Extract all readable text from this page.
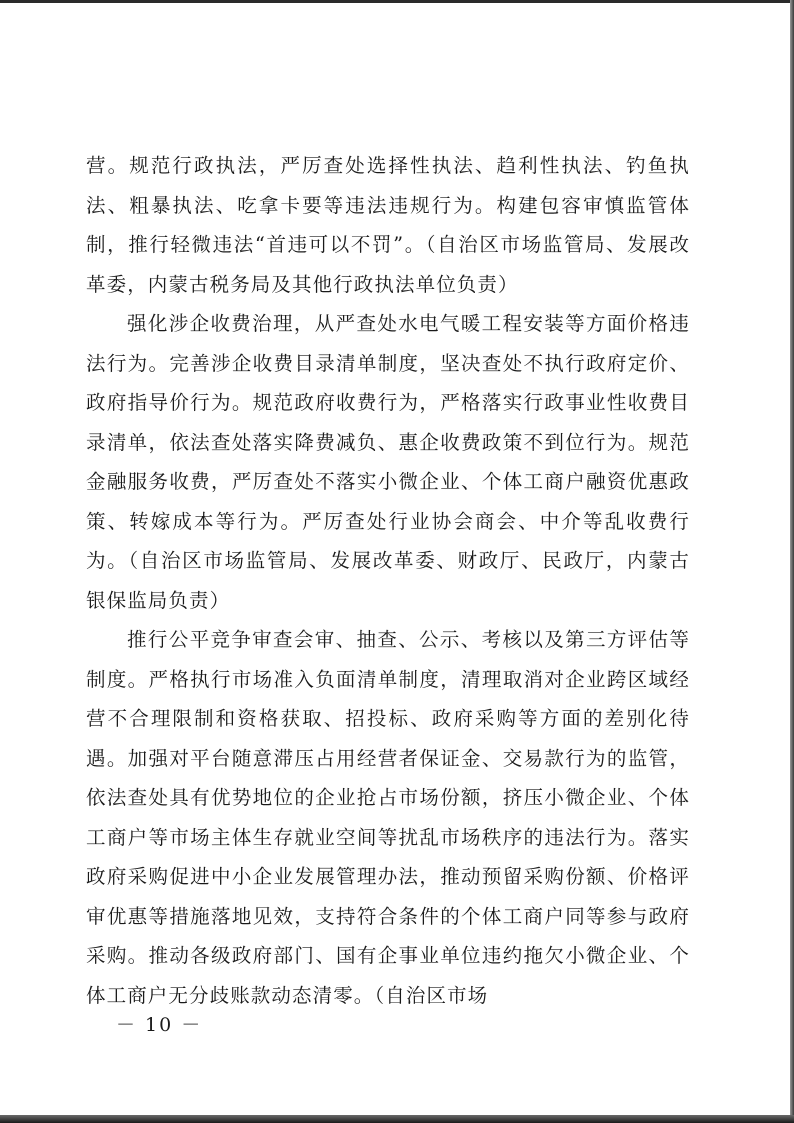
营。规范行政执法，严厉查处选择性执法、趋利性执法、钓鱼执法、粗暴执法、吃拿卡要等违法违规行为。构建包容审慎监管体制，推行轻微违法“首违可以不罚”。（自治区市场监管局、发展改革委，内蒙古税务局及其他行政执法单位负责）

强化涉企收费治理，从严查处水电气暖工程安装等方面价格违法行为。完善涉企收费目录清单制度，坚决查处不执行政府定价、政府指导价行为。规范政府收费行为，严格落实行政事业性收费目录清单，依法查处落实降费减负、惠企收费政策不到位行为。规范金融服务收费，严厉查处不落实小微企业、个体工商户融资优惠政策、转嫁成本等行为。严厉查处行业协会商会、中介等乱收费行为。（自治区市场监管局、发展改革委、财政厅、民政厅，内蒙古银保监局负责）

推行公平竞争审查会审、抽查、公示、考核以及第三方评估等制度。严格执行市场准入负面清单制度，清理取消对企业跨区域经营不合理限制和资格获取、招投标、政府采购等方面的差别化待遇。加强对平台随意滞压占用经营者保证金、交易款行为的监管，依法查处具有优势地位的企业抢占市场份额，挤压小微企业、个体工商户等市场主体生存就业空间等扰乱市场秩序的违法行为。落实政府采购促进中小企业发展管理办法，推动预留采购份额、价格评审优惠等措施落地见效，支持符合条件的个体工商户同等参与政府采购。推动各级政府部门、国有企事业单位违约拖欠小微企业、个体工商户无分歧账款动态清零。（自治区市场

－ 10 －
